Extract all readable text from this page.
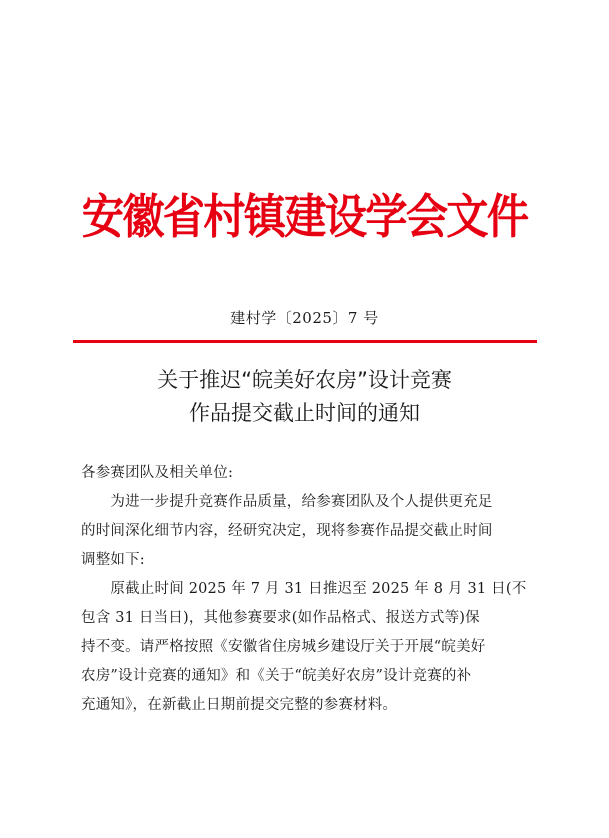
安徽省村镇建设学会文件
建村学〔2025〕7 号
关于推迟“皖美好农房”设计竞赛
作品提交截止时间的通知
各参赛团队及相关单位:
　　为进一步提升竞赛作品质量，给参赛团队及个人提供更充足
的时间深化细节内容，经研究决定，现将参赛作品提交截止时间
调整如下:
　　原截止时间 2025 年 7 月 31 日推迟至 2025 年 8 月 31 日(不
包含 31 日当日)，其他参赛要求(如作品格式、报送方式等)保
持不变。请严格按照《安徽省住房城乡建设厅关于开展“皖美好
农房”设计竞赛的通知》和《关于“皖美好农房”设计竞赛的补
充通知》，在新截止日期前提交完整的参赛材料。
